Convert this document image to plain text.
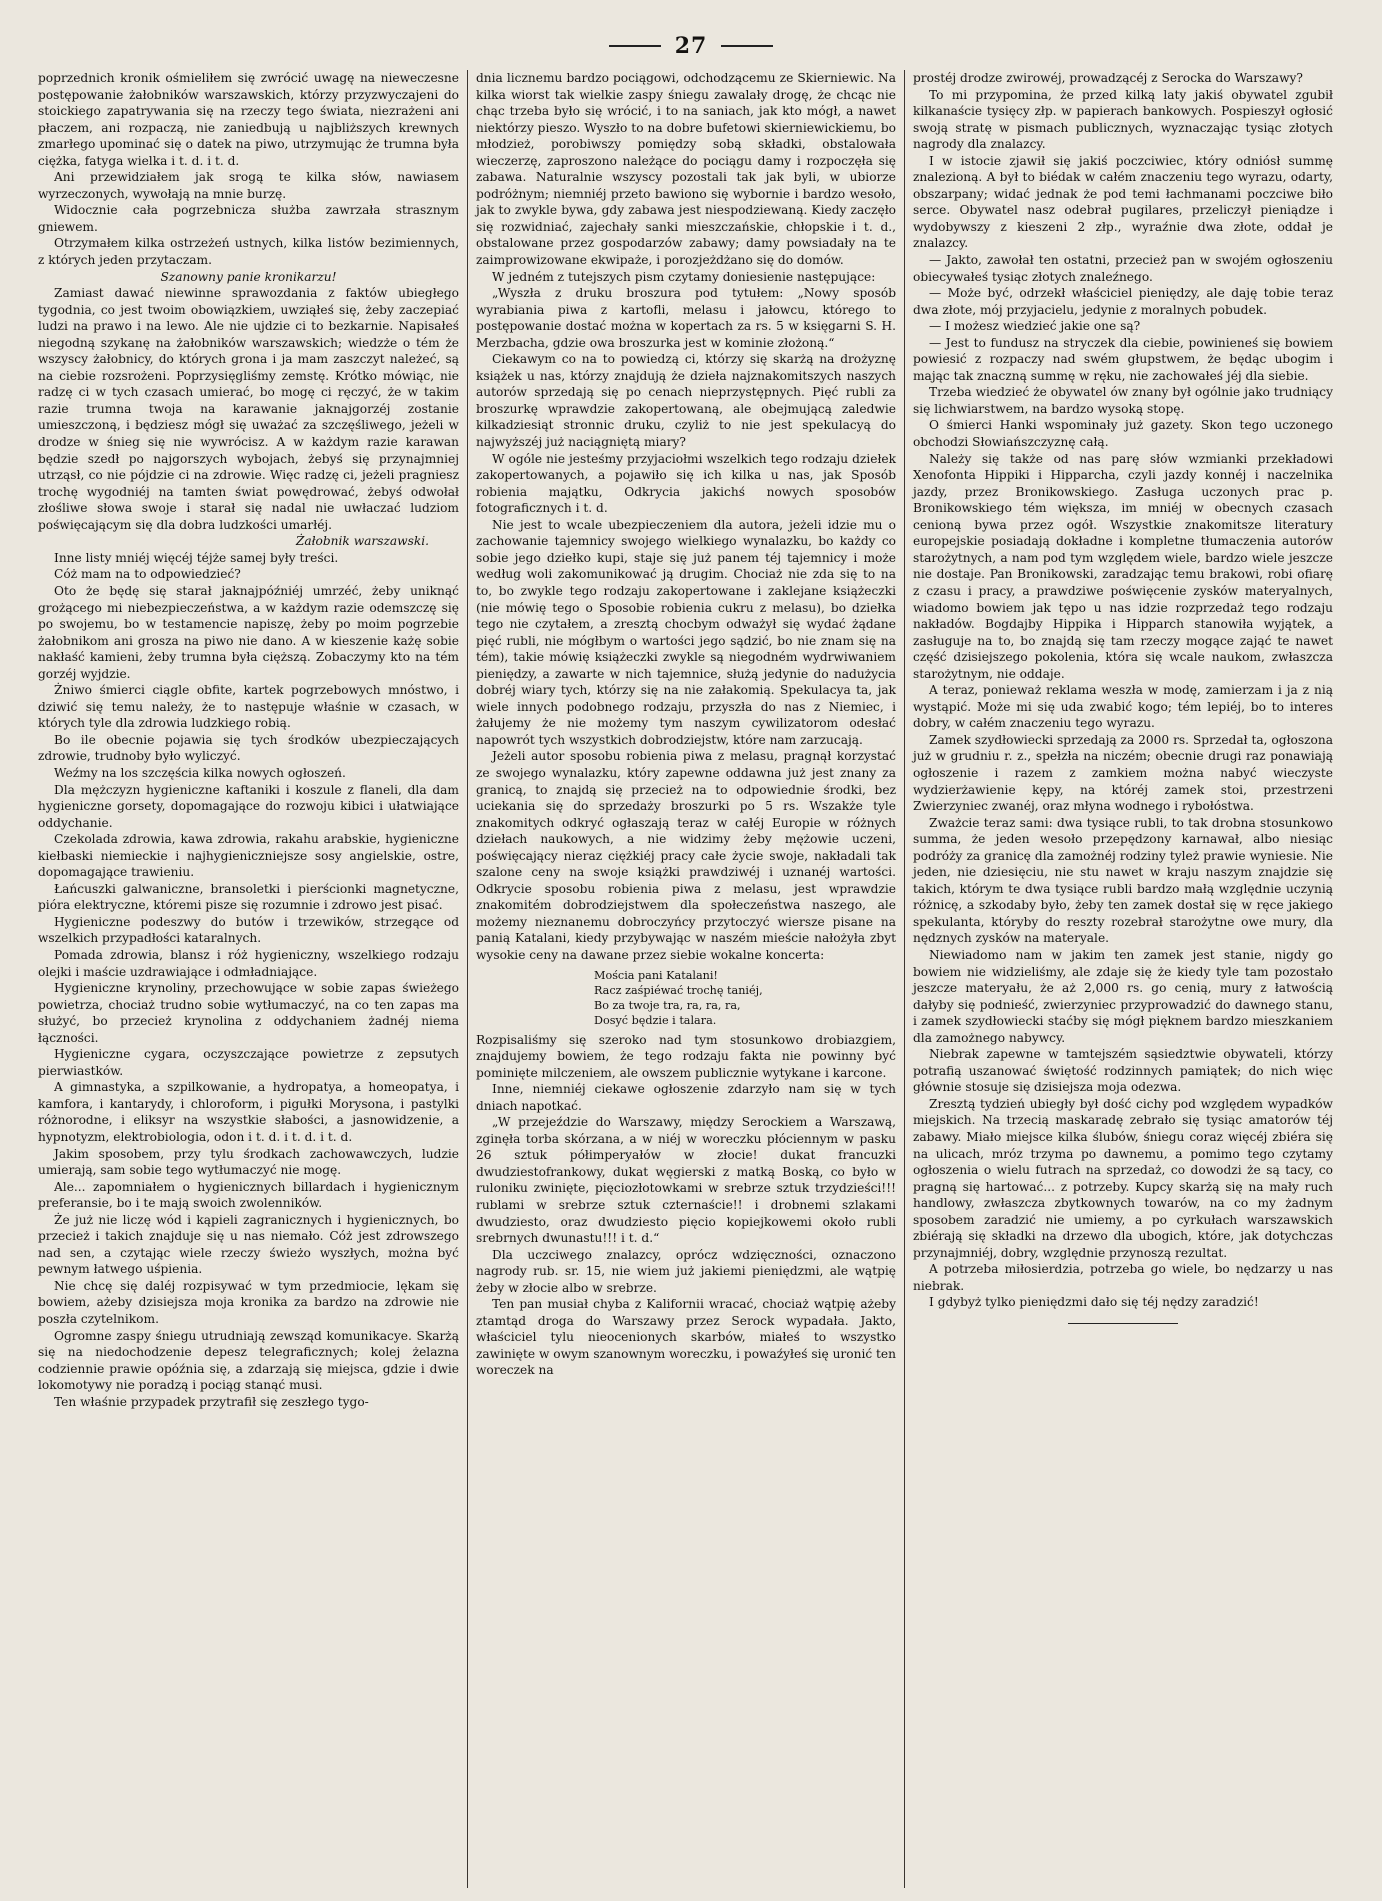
27

poprzednich kronik ośmieliłem się zwrócić uwagę na nieweczesne postępowanie żałobników warszawskich, którzy przyzwyczajeni do stoickiego zapatrywania się na rzeczy tego świata, niezrażeni ani płaczem, ani rozpaczą, nie zaniedbują u najbliższych krewnych zmarłego upominać się o datek na piwo, utrzymując że trumna była ciężka, fatyga wielka i t. d. i t. d.

Ani przewidziałem jak srogą te kilka słów, nawiasem wyrzeczonych, wywołają na mnie burzę.

Widocznie cała pogrzebnicza służba zawrzała strasznym gniewem.

Otrzymałem kilka ostrzeżeń ustnych, kilka listów bezimiennych, z których jeden przytaczam.

Szanowny panie kronikarzu!

Zamiast dawać niewinne sprawozdania z faktów ubiegłego tygodnia, co jest twoim obowiązkiem, uwziąłeś się, żeby zaczepiać ludzi na prawo i na lewo. Ale nie ujdzie ci to bezkarnie. Napisałeś niegodną szykanę na żałobników warszawskich; wiedzże o tém że wszyscy żałobnicy, do których grona i ja mam zaszczyt należeć, są na ciebie rozsrożeni. Poprzysięgliśmy zemstę. Krótko mówiąc, nie radzę ci w tych czasach umierać, bo mogę ci ręczyć, że w takim razie trumna twoja na karawanie jaknajgorzéj zostanie umieszczoną, i będziesz mógł się uważać za szczęśliwego, jeżeli w drodze w śnieg się nie wywrócisz. A w każdym razie karawan będzie szedł po najgorszych wybojach, żebyś się przynajmniej utrząsł, co nie pójdzie ci na zdrowie. Więc radzę ci, jeżeli pragniesz trochę wygodniéj na tamten świat powędrować, żebyś odwołał złośliwe słowa swoje i starał się nadal nie uwłaczać ludziom poświęcającym się dla dobra ludzkości umarłéj.

Żałobnik warszawski.

Inne listy mniéj więcéj téjże samej były treści.

Cóż mam na to odpowiedzieć?

Oto że będę się starał jaknajpóźniéj umrzéć, żeby uniknąć grożącego mi niebezpieczeństwa, a w każdym razie odemszczę się po swojemu, bo w testamencie napiszę, żeby po moim pogrzebie żałobnikom ani grosza na piwo nie dano. A w kieszenie każę sobie nakłaść kamieni, żeby trumna była cięższą. Zobaczymy kto na tém gorzéj wyjdzie.

Żniwo śmierci ciągle obfite, kartek pogrzebowych mnóstwo, i dziwić się temu należy, że to następuje właśnie w czasach, w których tyle dla zdrowia ludzkiego robią.

Bo ile obecnie pojawia się tych środków ubezpieczających zdrowie, trudnoby było wyliczyć.

Weźmy na los szczęścia kilka nowych ogłoszeń.

Dla mężczyzn hygieniczne kaftaniki i koszule z flaneli, dla dam hygieniczne gorsety, dopomagające do rozwoju kibici i ułatwiające oddychanie.

Czekolada zdrowia, kawa zdrowia, rakahu arabskie, hygieniczne kiełbaski niemieckie i najhygieniczniejsze sosy angielskie, ostre, dopomagające trawieniu.

Łańcuszki galwaniczne, bransoletki i pierścionki magnetyczne, pióra elektryczne, któremi pisze się rozumnie i zdrowo jest pisać.

Hygieniczne podeszwy do butów i trzewików, strzegące od wszelkich przypadłości kataralnych.

Pomada zdrowia, blansz i róż hygieniczny, wszelkiego rodzaju olejki i maście uzdrawiające i odmładniające.

Hygieniczne krynoliny, przechowujące w sobie zapas świeżego powietrza, chociaż trudno sobie wytłumaczyć, na co ten zapas ma służyć, bo przecież krynolina z oddychaniem żadnéj niema łączności.

Hygieniczne cygara, oczyszczające powietrze z zepsutych pierwiastków.

A gimnastyka, a szpilkowanie, a hydropatya, a homeopatya, i kamfora, i kantarydy, i chloroform, i pigułki Morysona, i pastylki różnorodne, i eliksyr na wszystkie słabości, a jasnowidzenie, a hypnotyzm, elektrobiologia, odon i t. d. i t. d. i t. d.

Jakim sposobem, przy tylu środkach zachowawczych, ludzie umierają, sam sobie tego wytłumaczyć nie mogę.

Ale... zapomniałem o hygienicznych billardach i hygienicznym preferansie, bo i te mają swoich zwolenników.

Że już nie liczę wód i kąpieli zagranicznych i hygienicznych, bo przecież i takich znajduje się u nas niemało. Cóż jest zdrowszego nad sen, a czytając wiele rzeczy świeżo wyszłych, można być pewnym łatwego uśpienia.

Nie chcę się daléj rozpisywać w tym przedmiocie, lękam się bowiem, ażeby dzisiejsza moja kronika za bardzo na zdrowie nie poszła czytelnikom.

Ogromne zaspy śniegu utrudniają zewsząd komunikacye. Skarżą się na niedochodzenie depesz telegraficznych; kolej żelazna codziennie prawie opóźnia się, a zdarzają się miejsca, gdzie i dwie lokomotywy nie poradzą i pociąg stanąć musi.

Ten właśnie przypadek przytrafił się zeszłego tygo-

dnia licznemu bardzo pociągowi, odchodzącemu ze Skierniewic. Na kilka wiorst tak wielkie zaspy śniegu zawalały drogę, że chcąc nie chąc trzeba było się wrócić, i to na saniach, jak kto mógł, a nawet niektórzy pieszo. Wyszło to na dobre bufetowi skierniewickiemu, bo młodzież, porobiwszy pomiędzy sobą składki, obstalowała wieczerzę, zaproszono należące do pociągu damy i rozpoczęła się zabawa. Naturalnie wszyscy pozostali tak jak byli, w ubiorze podróżnym; niemniéj przeto bawiono się wybornie i bardzo wesoło, jak to zwykle bywa, gdy zabawa jest niespodziewaną. Kiedy zaczęło się rozwidniać, zajechały sanki mieszczańskie, chłopskie i t. d., obstalowane przez gospodarzów zabawy; damy powsiadały na te zaimprowizowane ekwipaże, i porozjeżdżano się do domów.

W jedném z tutejszych pism czytamy doniesienie następujące:

„Wyszła z druku broszura pod tytułem: „Nowy sposób wyrabiania piwa z kartofli, melasu i jałowcu, którego to postępowanie dostać można w kopertach za rs. 5 w księgarni S. H. Merzbacha, gdzie owa broszurka jest w kominie złożoną.“

Ciekawym co na to powiedzą ci, którzy się skarżą na drożyznę książek u nas, którzy znajdują że dzieła najznakomitszych naszych autorów sprzedają się po cenach nieprzystępnych. Pięć rubli za broszurkę wprawdzie zakopertowaną, ale obejmującą zaledwie kilkadziesiąt stronnic druku, czyliż to nie jest spekulacyą do najwyższéj już naciągniętą miary?

W ogóle nie jesteśmy przyjaciołmi wszelkich tego rodzaju dziełek zakopertowanych, a pojawiło się ich kilka u nas, jak Sposób robienia majątku, Odkrycia jakichś nowych sposobów fotograficznych i t. d.

Nie jest to wcale ubezpieczeniem dla autora, jeżeli idzie mu o zachowanie tajemnicy swojego wielkiego wynalazku, bo każdy co sobie jego dziełko kupi, staje się już panem téj tajemnicy i może według woli zakomunikować ją drugim. Chociaż nie zda się to na to, bo zwykle tego rodzaju zakopertowane i zaklejane książeczki (nie mówię tego o Sposobie robienia cukru z melasu), bo dziełka tego nie czytałem, a zresztą chocbym odważył się wydać żądane pięć rubli, nie mógłbym o wartości jego sądzić, bo nie znam się na tém), takie mówię książeczki zwykle są niegodném wydrwiwaniem pieniędzy, a zawarte w nich tajemnice, służą jedynie do nadużycia dobréj wiary tych, którzy się na nie załakomią. Spekulacya ta, jak wiele innych podobnego rodzaju, przyszła do nas z Niemiec, i żałujemy że nie możemy tym naszym cywilizatorom odesłać napowrót tych wszystkich dobrodziejstw, które nam zarzucają.

Jeżeli autor sposobu robienia piwa z melasu, pragnął korzystać ze swojego wynalazku, który zapewne oddawna już jest znany za granicą, to znajdą się przecież na to odpowiednie środki, bez uciekania się do sprzedaży broszurki po 5 rs. Wszakże tyle znakomitych odkryć ogłaszają teraz w całéj Europie w różnych dziełach naukowych, a nie widzimy żeby mężowie uczeni, poświęcający nieraz ciężkiéj pracy całe życie swoje, nakładali tak szalone ceny na swoje książki prawdziwéj i uznanéj wartości. Odkrycie sposobu robienia piwa z melasu, jest wprawdzie znakomitém dobrodziejstwem dla społeczeństwa naszego, ale możemy nieznanemu dobroczyńcy przytoczyć wiersze pisane na panią Katalani, kiedy przybywając w naszém mieście nałożyła zbyt wysokie ceny na dawane przez siebie wokalne koncerta:

Mościa pani Katalani!
Racz zaśpiéwać trochę taniéj,
Bo za twoje tra, ra, ra, ra,
Dosyć będzie i talara.

Rozpisaliśmy się szeroko nad tym stosunkowo drobiazgiem, znajdujemy bowiem, że tego rodzaju fakta nie powinny być pominięte milczeniem, ale owszem publicznie wytykane i karcone.

Inne, niemniéj ciekawe ogłoszenie zdarzyło nam się w tych dniach napotkać.

„W przejeździe do Warszawy, między Serockiem a Warszawą, zginęła torba skórzana, a w niéj w woreczku płóciennym w pasku 26 sztuk półimperyałów w złocie! dukat francuzki dwudziestofrankowy, dukat węgierski z matką Boską, co było w ruloniku zwinięte, pięciozłotowkami w srebrze sztuk trzydzieści!!! rublami w srebrze sztuk czternaście!! i drobnemi szlakami dwudziesto, oraz dwudziesto pięcio kopiejkowemi około rubli srebrnych dwunastu!!! i t. d.“

Dla uczciwego znalazcy, oprócz wdzięczności, oznaczono nagrody rub. sr. 15, nie wiem już jakiemi pieniędzmi, ale wątpię żeby w złocie albo w srebrze.

Ten pan musiał chyba z Kalifornii wracać, chociaż wątpię ażeby ztamtąd droga do Warszawy przez Serock wypadała. Jakto, właściciel tylu nieocenionych skarbów, miałeś to wszystko zawinięte w owym szanownym woreczku, i powaźyłeś się uronić ten woreczek na

prostéj drodze zwirowéj, prowadzącéj z Serocka do Warszawy?

To mi przypomina, że przed kilką laty jakiś obywatel zgubił kilkanaście tysięcy złp. w papierach bankowych. Pospieszył ogłosić swoją stratę w pismach publicznych, wyznaczając tysiąc złotych nagrody dla znalazcy.

I w istocie zjawił się jakiś poczciwiec, który odniósł summę znalezioną. A był to biédak w całém znaczeniu tego wyrazu, odarty, obszarpany; widać jednak że pod temi łachmanami poczciwe biło serce. Obywatel nasz odebrał pugilares, przeliczył pieniądze i wydobywszy z kieszeni 2 złp., wyraźnie dwa złote, oddał je znalazcy.

— Jakto, zawołał ten ostatni, przecież pan w swojém ogłoszeniu obiecywałeś tysiąc złotych znaleźnego.

— Może być, odrzekł właściciel pieniędzy, ale daję tobie teraz dwa złote, mój przyjacielu, jedynie z moralnych pobudek.

— I możesz wiedzieć jakie one są?

— Jest to fundusz na stryczek dla ciebie, powinieneś się bowiem powiesić z rozpaczy nad swém głupstwem, że będąc ubogim i mając tak znaczną summę w ręku, nie zachowałeś jéj dla siebie.

Trzeba wiedzieć że obywatel ów znany był ogólnie jako trudniący się lichwiarstwem, na bardzo wysoką stopę.

O śmierci Hanki wspominały już gazety. Skon tego uczonego obchodzi Słowiańszczyznę całą.

Należy się także od nas parę słów wzmianki przekładowi Xenofonta Hippiki i Hipparcha, czyli jazdy konnéj i naczelnika jazdy, przez Bronikowskiego. Zasługa uczonych prac p. Bronikowskiego tém większa, im mniéj w obecnych czasach cenioną bywa przez ogół. Wszystkie znakomitsze literatury europejskie posiadają dokładne i kompletne tłumaczenia autorów starożytnych, a nam pod tym względem wiele, bardzo wiele jeszcze nie dostaje. Pan Bronikowski, zaradzając temu brakowi, robi ofiarę z czasu i pracy, a prawdziwe poświęcenie zysków materyalnych, wiadomo bowiem jak tępo u nas idzie rozprzedaż tego rodzaju nakładów. Bogdajby Hippika i Hipparch stanowiła wyjątek, a zasługuje na to, bo znajdą się tam rzeczy mogące zająć te nawet część dzisiejszego pokolenia, która się wcale naukom, zwłaszcza starożytnym, nie oddaje.

A teraz, ponieważ reklama weszła w modę, zamierzam i ja z nią wystąpić. Może mi się uda zwabić kogo; tém lepiéj, bo to interes dobry, w całém znaczeniu tego wyrazu.

Zamek szydłowiecki sprzedają za 2000 rs. Sprzedał ta, ogłoszona już w grudniu r. z., spełzła na niczém; obecnie drugi raz ponawiają ogłoszenie i razem z zamkiem można nabyć wieczyste wydzierżawienie kępy, na któréj zamek stoi, przestrzeni Zwierzyniec zwanéj, oraz młyna wodnego i rybołóstwa.

Zważcie teraz sami: dwa tysiące rubli, to tak drobna stosunkowo summa, że jeden wesoło przepędzony karnawał, albo niesiąc podróży za granicę dla zamożnéj rodziny tyleż prawie wyniesie. Nie jeden, nie dziesięciu, nie stu nawet w kraju naszym znajdzie się takich, którym te dwa tysiące rubli bardzo małą względnie uczynią różnicę, a szkodaby było, żeby ten zamek dostał się w ręce jakiego spekulanta, któryby do reszty rozebrał starożytne owe mury, dla nędznych zysków na materyale.

Niewiadomo nam w jakim ten zamek jest stanie, nigdy go bowiem nie widzieliśmy, ale zdaje się że kiedy tyle tam pozostało jeszcze materyału, że aż 2,000 rs. go cenią, mury z łatwością dałyby się podnieść, zwierzyniec przyprowadzić do dawnego stanu, i zamek szydłowiecki staćby się mógł pięknem bardzo mieszkaniem dla zamożnego nabywcy.

Niebrak zapewne w tamtejszém sąsiedztwie obywateli, którzy potrafią uszanować świętość rodzinnych pamiątek; do nich więc głównie stosuje się dzisiejsza moja odezwa.

Zresztą tydzień ubiegły był dość cichy pod względem wypadków miejskich. Na trzecią maskaradę zebrało się tysiąc amatorów téj zabawy. Miało miejsce kilka ślubów, śniegu coraz więcéj zbiéra się na ulicach, mróz trzyma po dawnemu, a pomimo tego czytamy ogłoszenia o wielu futrach na sprzedaż, co dowodzi że są tacy, co pragną się hartować... z potrzeby. Kupcy skarżą się na mały ruch handlowy, zwłaszcza zbytkownych towarów, na co my żadnym sposobem zaradzić nie umiemy, a po cyrkułach warszawskich zbiérają się składki na drzewo dla ubogich, które, jak dotychczas przynajmniéj, dobry, względnie przynoszą rezultat.

A potrzeba miłosierdzia, potrzeba go wiele, bo nędzarzy u nas niebrak.

I gdybyż tylko pieniędzmi dało się téj nędzy zaradzić!
